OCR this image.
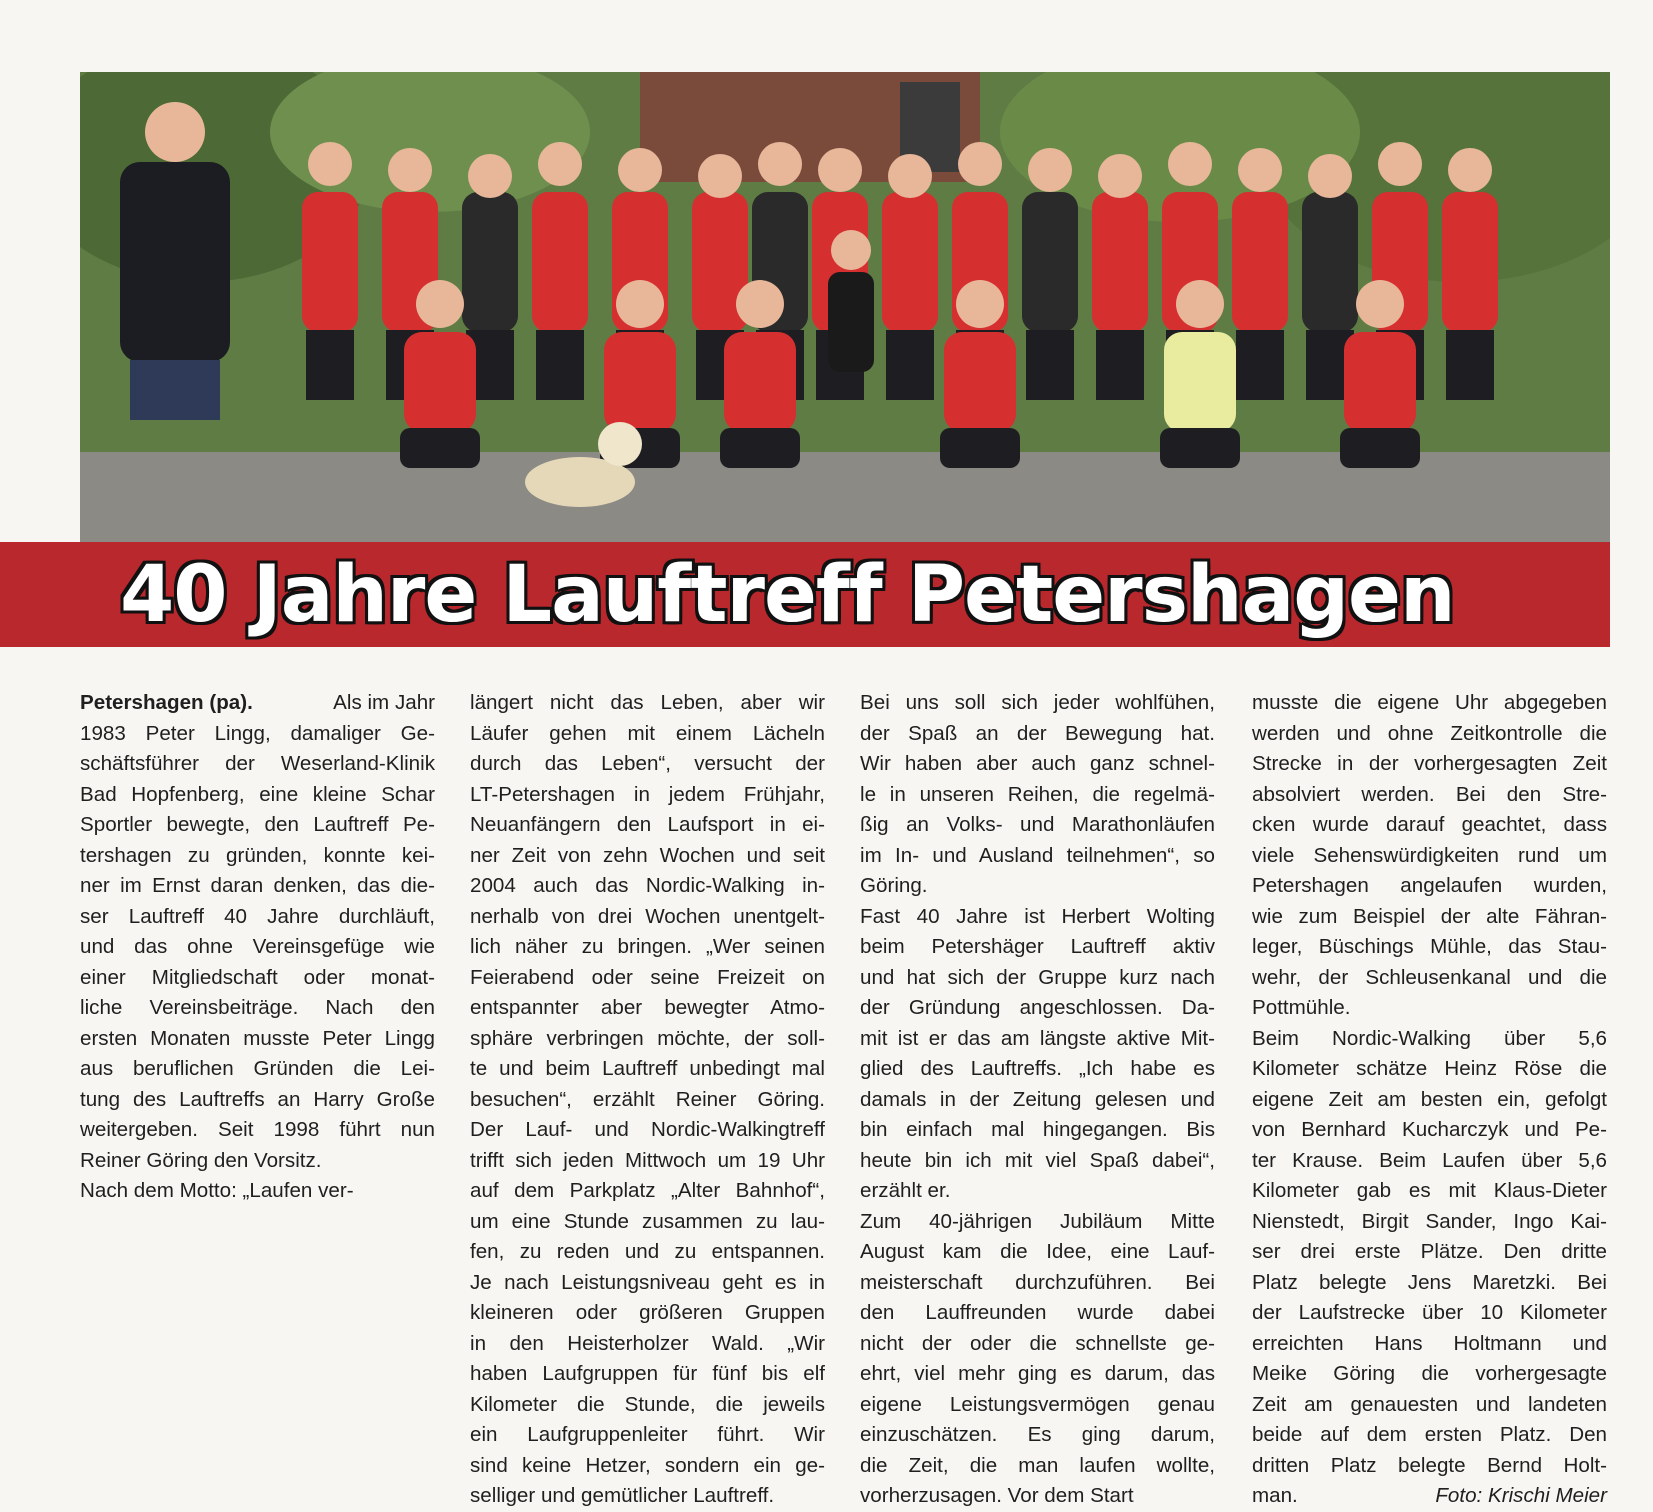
40 Jahre Lauftreff Petershagen

Petershagen (pa).	Als im Jahr
1983 Peter Lingg, damaliger Ge-
schäftsführer der Weserland-Klinik
Bad Hopfenberg, eine kleine Schar
Sportler bewegte, den Lauftreff Pe-
tershagen zu gründen, konnte kei-
ner im Ernst daran denken, das die-
ser Lauftreff 40 Jahre durchläuft,
und das ohne Vereinsgefüge wie
einer Mitgliedschaft oder monat-
liche Vereinsbeiträge. Nach den
ersten Monaten musste Peter Lingg
aus beruflichen Gründen die Lei-
tung des Lauftreffs an Harry Große
weitergeben. Seit 1998 führt nun
Reiner Göring den Vorsitz.
Nach dem Motto: „Laufen ver-

längert nicht das Leben, aber wir
Läufer gehen mit einem Lächeln
durch das Leben“, versucht der
LT-Petershagen in jedem Frühjahr,
Neuanfängern den Laufsport in ei-
ner Zeit von zehn Wochen und seit
2004 auch das Nordic-Walking in-
nerhalb von drei Wochen unentgelt-
lich näher zu bringen. „Wer seinen
Feierabend oder seine Freizeit on
entspannter aber bewegter Atmo-
sphäre verbringen möchte, der soll-
te und beim Lauftreff unbedingt mal
besuchen“, erzählt Reiner Göring.
Der Lauf- und Nordic-Walkingtreff
trifft sich jeden Mittwoch um 19 Uhr
auf dem Parkplatz „Alter Bahnhof“,
um eine Stunde zusammen zu lau-
fen, zu reden und zu entspannen.
Je nach Leistungsniveau geht es in
kleineren oder größeren Gruppen
in den Heisterholzer Wald. „Wir
haben Laufgruppen für fünf bis elf
Kilometer die Stunde, die jeweils
ein Laufgruppenleiter führt. Wir
sind keine Hetzer, sondern ein ge-
selliger und gemütlicher Lauftreff.

Bei uns soll sich jeder wohlfühen,
der Spaß an der Bewegung hat.
Wir haben aber auch ganz schnel-
le in unseren Reihen, die regelmä-
ßig an Volks- und Marathonläufen
im In- und Ausland teilnehmen“, so
Göring.
Fast 40 Jahre ist Herbert Wolting
beim Petershäger Lauftreff aktiv
und hat sich der Gruppe kurz nach
der Gründung angeschlossen. Da-
mit ist er das am längste aktive Mit-
glied des Lauftreffs. „Ich habe es
damals in der Zeitung gelesen und
bin einfach mal hingegangen. Bis
heute bin ich mit viel Spaß dabei“,
erzählt er.
Zum 40-jährigen Jubiläum Mitte
August kam die Idee, eine Lauf-
meisterschaft durchzuführen. Bei
den Lauffreunden wurde dabei
nicht der oder die schnellste ge-
ehrt, viel mehr ging es darum, das
eigene Leistungsvermögen genau
einzuschätzen. Es ging darum,
die Zeit, die man laufen wollte,
vorherzusagen. Vor dem Start

musste die eigene Uhr abgegeben
werden und ohne Zeitkontrolle die
Strecke in der vorhergesagten Zeit
absolviert werden. Bei den Stre-
cken wurde darauf geachtet, dass
viele Sehenswürdigkeiten rund um
Petershagen angelaufen wurden,
wie zum Beispiel der alte Fähran-
leger, Büschings Mühle, das Stau-
wehr, der Schleusenkanal und die
Pottmühle.
Beim Nordic-Walking über 5,6
Kilometer schätze Heinz Röse die
eigene Zeit am besten ein, gefolgt
von Bernhard Kucharczyk und Pe-
ter Krause. Beim Laufen über 5,6
Kilometer gab es mit Klaus-Dieter
Nienstedt, Birgit Sander, Ingo Kai-
ser drei erste Plätze. Den dritte
Platz belegte Jens Maretzki. Bei
der Laufstrecke über 10 Kilometer
erreichten Hans Holtmann und
Meike Göring die vorhergesagte
Zeit am genauesten und landeten
beide auf dem ersten Platz. Den
dritten Platz belegte Bernd Holt-
man.	Foto: Krischi Meier
